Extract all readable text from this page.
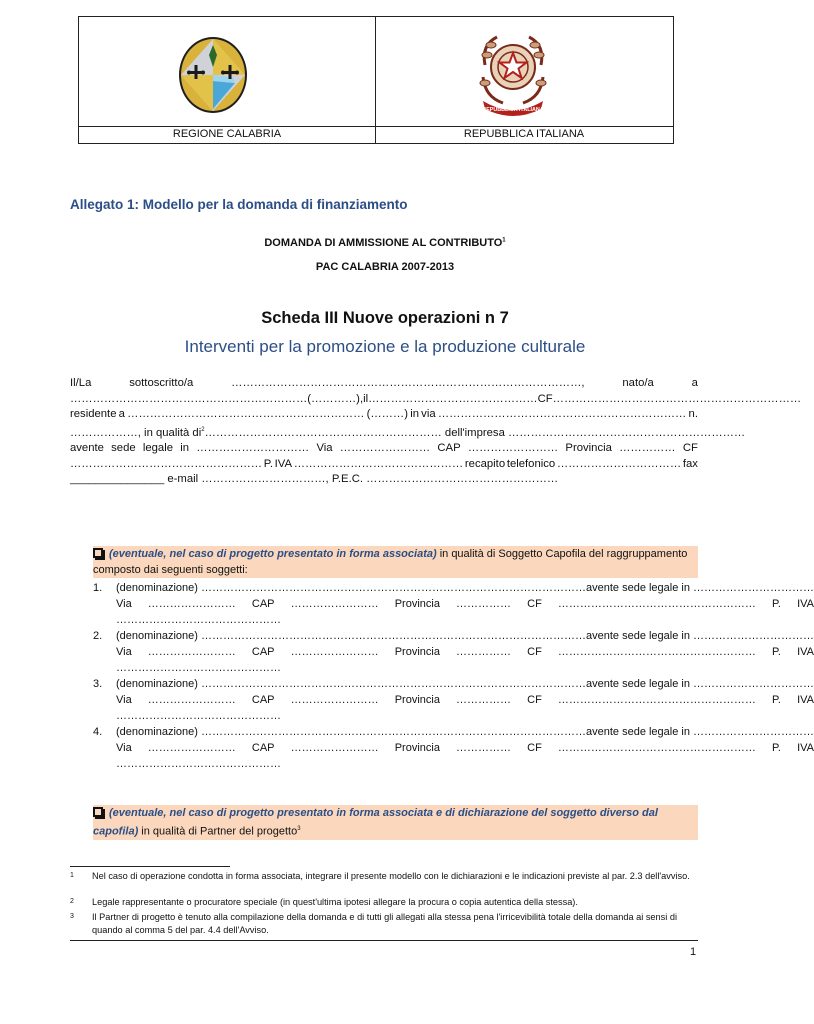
REPUBBLICA ITALIANA
REGIONE CALABRIA	REPUBBLICA ITALIANA
Allegato 1: Modello per la domanda di finanziamento
DOMANDA DI AMMISSIONE AL CONTRIBUTO$^1$
PAC CALABRIA 2007-2013
Scheda III Nuove operazioni n 7
Interventi per la promozione e la produzione culturale
Il/La	sottoscritto/a	…………………………………………………………………………………,	nato/a	a
……………………………………………………… (…………), il ……………………………………… CF …………………………………………………………
residente a ……………………………………………………… (………) in via ………………………………………………………… n.
………………, in qualità $di^2\dots\dots\dots\dots\dots\dots\dots\dots\dots\dots\dots\dots\dots\dots\dots\dots\dots\dots\dots\dots\dots$ dell'impresa ………………………………………………………
avente sede legale in ………………………… Via …………………… CAP …………………… Provincia …………… CF
…………………………………………… P. IVA ……………………………………… recapito telefonico …………………………… fax
_______________ e-mail ……………………………, P.E.C. ……………………………………………
(eventuale, nel caso di progetto presentato in forma associata) in qualità di Soggetto Capofila del raggruppamento composto dai seguenti soggetti:
1.	(denominazione) …………………………………………………………………………………………… avente sede legale in ……………………………
Via …………………… CAP …………………… Provincia …………… CF ……………………………………………… P. IVA
………………………………………
2.	(denominazione) …………………………………………………………………………………………… avente sede legale in ……………………………
Via …………………… CAP …………………… Provincia …………… CF ……………………………………………… P. IVA
………………………………………
3.	(denominazione) …………………………………………………………………………………………… avente sede legale in ……………………………
Via …………………… CAP …………………… Provincia …………… CF ……………………………………………… P. IVA
………………………………………
4.	(denominazione) …………………………………………………………………………………………… avente sede legale in ……………………………
Via …………………… CAP …………………… Provincia …………… CF ……………………………………………… P. IVA
………………………………………
(eventuale, nel caso di progetto presentato in forma associata e di dichiarazione del soggetto diverso dal capofila) in qualità di Partner del progetto$^3$
1 Nel caso di operazione condotta in forma associata, integrare il presente modello con le dichiarazioni e le indicazioni previste al par. 2.3 dell'avviso.
2 Legale rappresentante o procuratore speciale (in quest'ultima ipotesi allegare la procura o copia autentica della stessa).
3 Il Partner di progetto è tenuto alla compilazione della domanda e di tutti gli allegati alla stessa pena l'irricevibilità totale della domanda ai sensi di quando al comma 5 del par. 4.4 dell'Avviso.
1
